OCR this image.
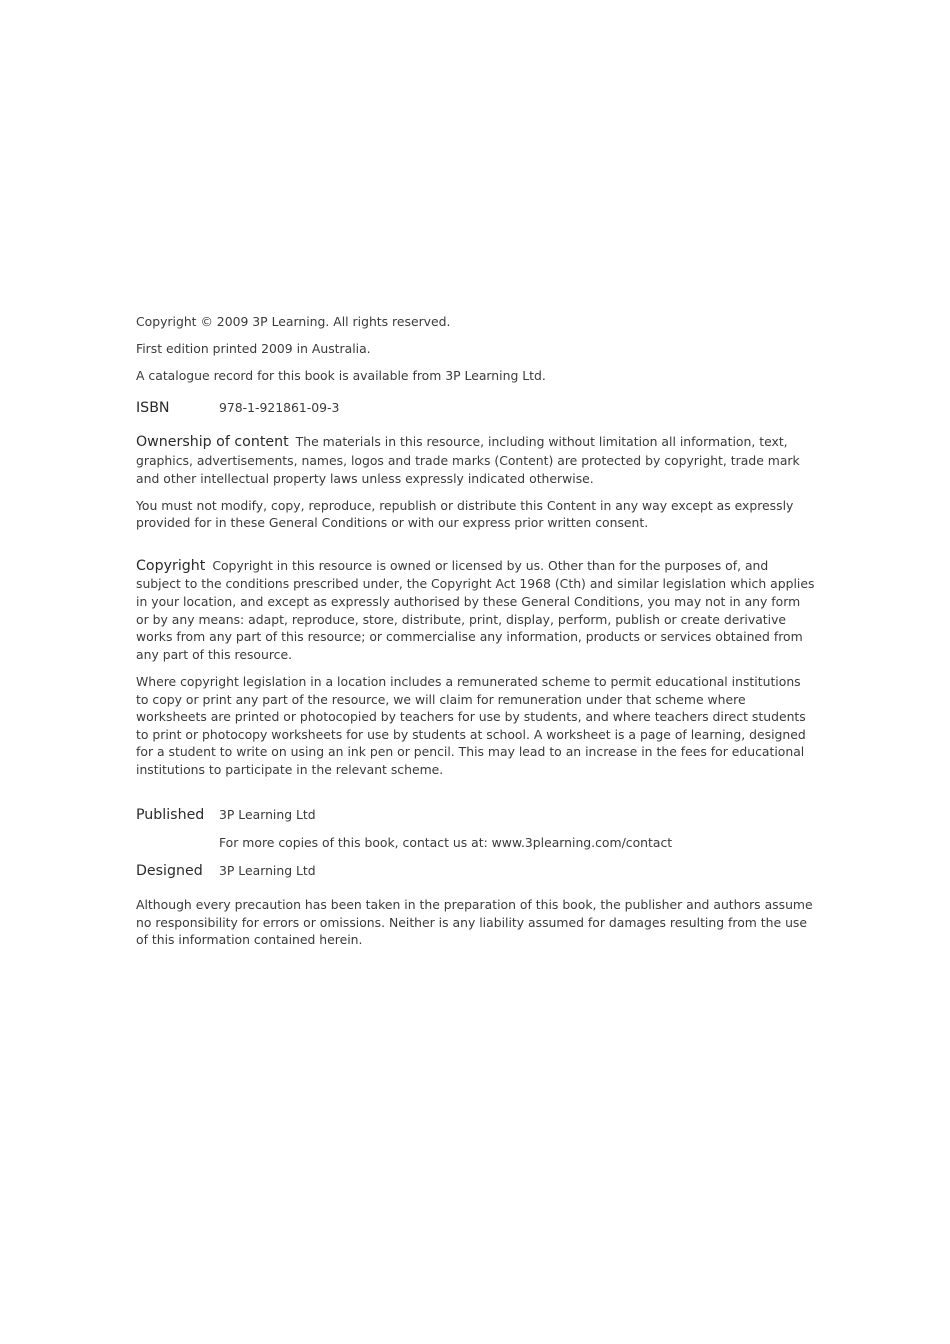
Copyright © 2009 3P Learning. All rights reserved.

First edition printed 2009 in Australia.

A catalogue record for this book is available from 3P Learning Ltd.

ISBN	978-1-921861-09-3

Ownership of content The materials in this resource, including without limitation all information, text, graphics, advertisements, names, logos and trade marks (Content) are protected by copyright, trade mark and other intellectual property laws unless expressly indicated otherwise.

You must not modify, copy, reproduce, republish or distribute this Content in any way except as expressly provided for in these General Conditions or with our express prior written consent.

Copyright Copyright in this resource is owned or licensed by us. Other than for the purposes of, and subject to the conditions prescribed under, the Copyright Act 1968 (Cth) and similar legislation which applies in your location, and except as expressly authorised by these General Conditions, you may not in any form or by any means: adapt, reproduce, store, distribute, print, display, perform, publish or create derivative works from any part of this resource; or commercialise any information, products or services obtained from any part of this resource.

Where copyright legislation in a location includes a remunerated scheme to permit educational institutions to copy or print any part of the resource, we will claim for remuneration under that scheme where worksheets are printed or photocopied by teachers for use by students, and where teachers direct students to print or photocopy worksheets for use by students at school. A worksheet is a page of learning, designed for a student to write on using an ink pen or pencil. This may lead to an increase in the fees for educational institutions to participate in the relevant scheme.

Published	3P Learning Ltd

For more copies of this book, contact us at: www.3plearning.com/contact

Designed	3P Learning Ltd

Although every precaution has been taken in the preparation of this book, the publisher and authors assume no responsibility for errors or omissions. Neither is any liability assumed for damages resulting from the use of this information contained herein.
